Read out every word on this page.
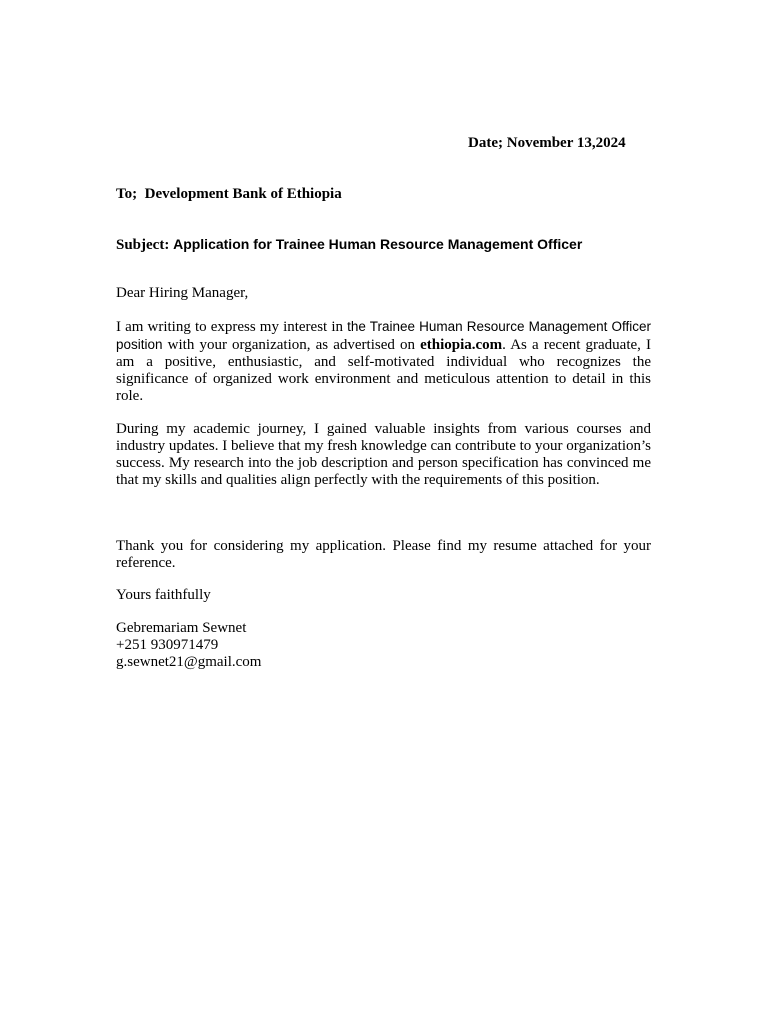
Date; November 13,2024
To;  Development Bank of Ethiopia
Subject: Application for Trainee Human Resource Management Officer
Dear Hiring Manager,
I am writing to express my interest in the Trainee Human Resource Management Officer position with your organization, as advertised on ethiopia.com. As a recent graduate, I am a positive, enthusiastic, and self-motivated individual who recognizes the significance of organized work environment and meticulous attention to detail in this role.
During my academic journey, I gained valuable insights from various courses and industry updates. I believe that my fresh knowledge can contribute to your organization’s success. My research into the job description and person specification has convinced me that my skills and qualities align perfectly with the requirements of this position.
Thank you for considering my application. Please find my resume attached for your reference.
Yours faithfully
Gebremariam Sewnet
+251 930971479
g.sewnet21@gmail.com
